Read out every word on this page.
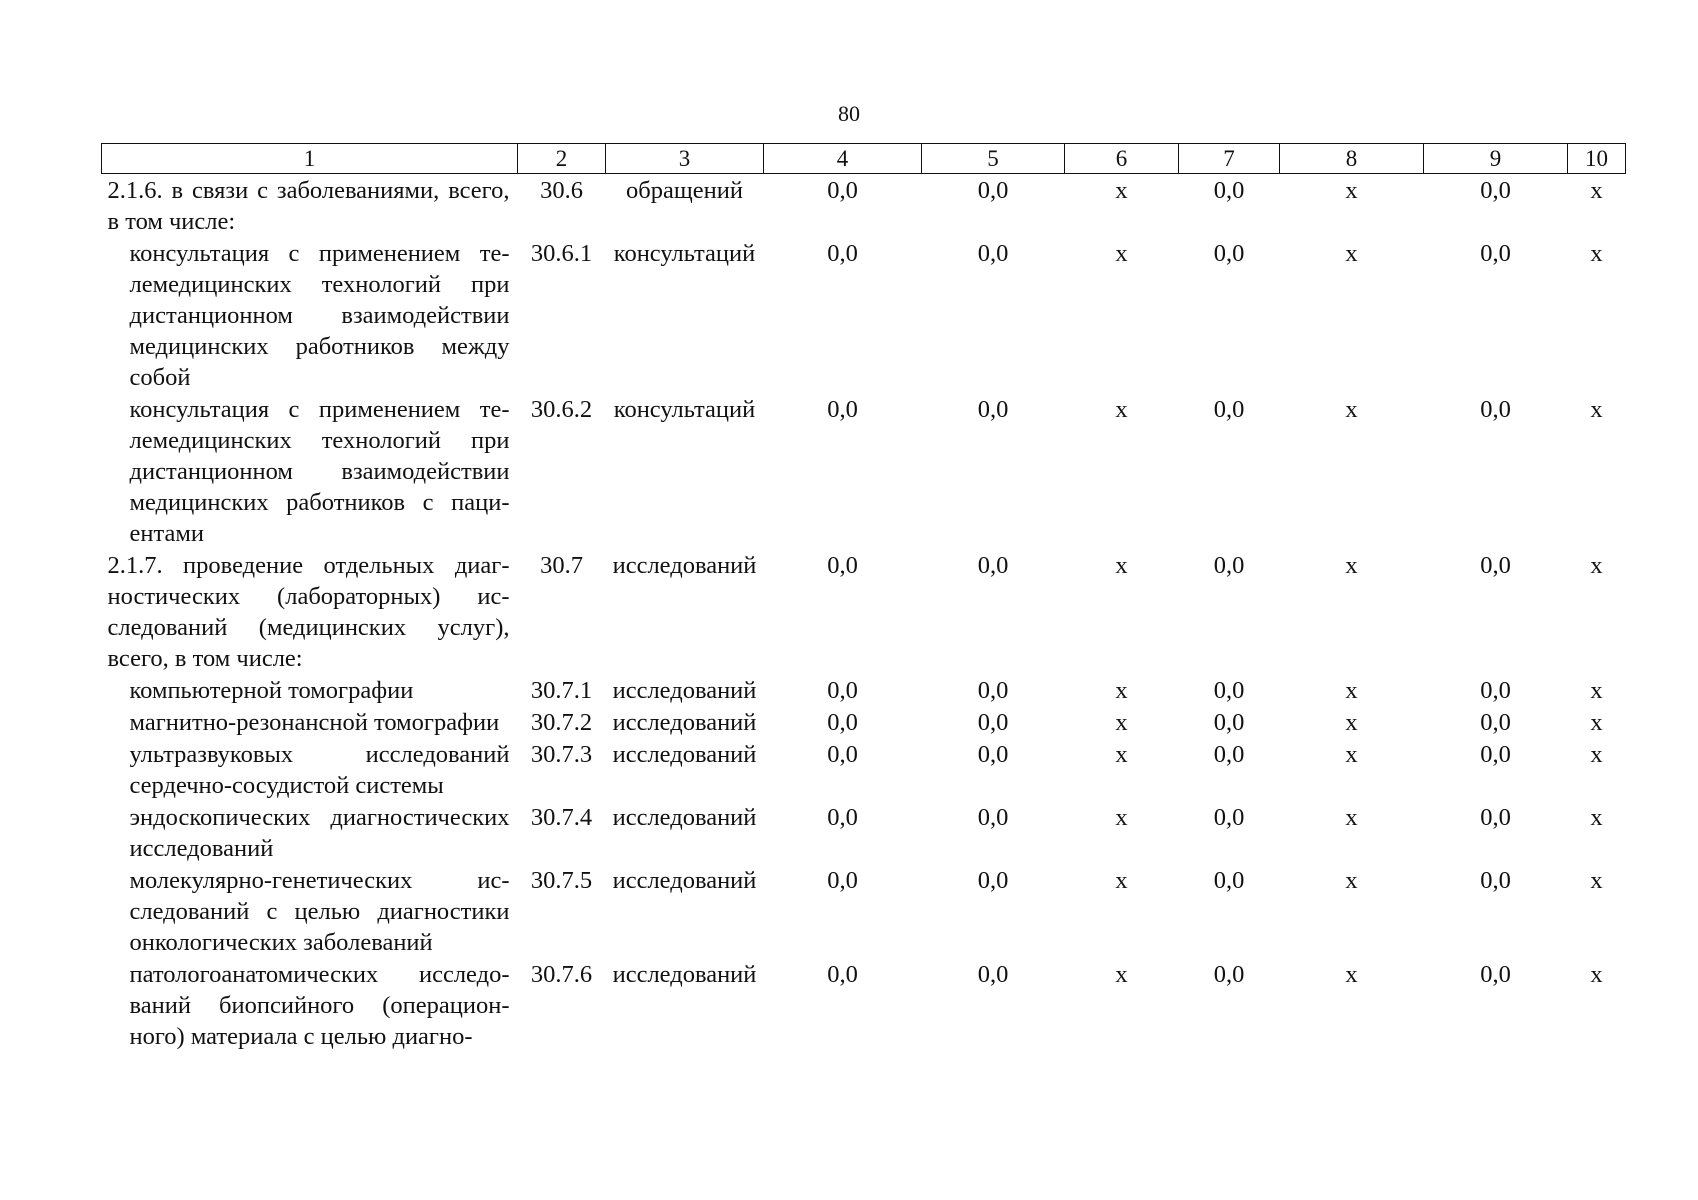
80
1	2	3	4	5	6	7	8	9	10
2.1.6. в связи с заболеваниями, всего, в том числе:	30.6	обращений	0,0	0,0	х	0,0	х	0,0	х
консультация с применением телемедицинских технологий при дистанционном взаимодействии медицинских работников между собой	30.6.1	консультаций	0,0	0,0	х	0,0	х	0,0	х
консультация с применением телемедицинских технологий при дистанционном взаимодействии медицинских работников с пациентами	30.6.2	консультаций	0,0	0,0	х	0,0	х	0,0	х
2.1.7. проведение отдельных диагностических (лабораторных) исследований (медицинских услуг), всего, в том числе:	30.7	исследований	0,0	0,0	х	0,0	х	0,0	х
компьютерной томографии	30.7.1	исследований	0,0	0,0	х	0,0	х	0,0	х
магнитно-резонансной томографии	30.7.2	исследований	0,0	0,0	х	0,0	х	0,0	х
ультразвуковых исследований сердечно-сосудистой системы	30.7.3	исследований	0,0	0,0	х	0,0	х	0,0	х
эндоскопических диагностических исследований	30.7.4	исследований	0,0	0,0	х	0,0	х	0,0	х
молекулярно-генетических исследований с целью диагностики онкологических заболеваний	30.7.5	исследований	0,0	0,0	х	0,0	х	0,0	х
патологоанатомических исследований биопсийного (операционного) материала с целью диагно-	30.7.6	исследований	0,0	0,0	х	0,0	х	0,0	х
